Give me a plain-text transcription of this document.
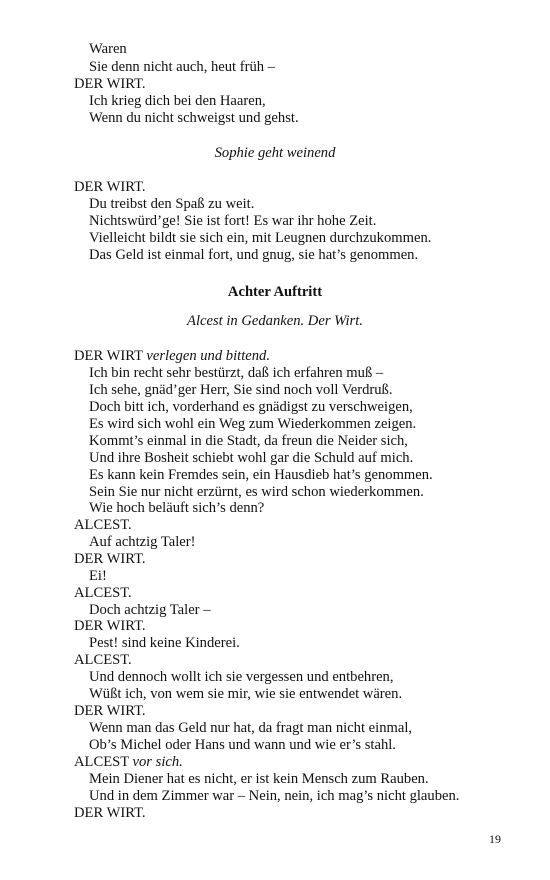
Waren
Sie denn nicht auch, heut früh –
DER WIRT.
Ich krieg dich bei den Haaren,
Wenn du nicht schweigst und gehst.
Sophie geht weinend
DER WIRT.
Du treibst den Spaß zu weit.
Nichtswürd’ge! Sie ist fort! Es war ihr hohe Zeit.
Vielleicht bildt sie sich ein, mit Leugnen durchzukommen.
Das Geld ist einmal fort, und gnug, sie hat’s genommen.
Achter Auftritt
Alcest in Gedanken. Der Wirt.
DER WIRT verlegen und bittend.
Ich bin recht sehr bestürzt, daß ich erfahren muß –
Ich sehe, gnäd’ger Herr, Sie sind noch voll Verdruß.
Doch bitt ich, vorderhand es gnädigst zu verschweigen,
Es wird sich wohl ein Weg zum Wiederkommen zeigen.
Kommt’s einmal in die Stadt, da freun die Neider sich,
Und ihre Bosheit schiebt wohl gar die Schuld auf mich.
Es kann kein Fremdes sein, ein Hausdieb hat’s genommen.
Sein Sie nur nicht erzürnt, es wird schon wiederkommen.
Wie hoch beläuft sich’s denn?
ALCEST.
Auf achtzig Taler!
DER WIRT.
Ei!
ALCEST.
Doch achtzig Taler –
DER WIRT.
Pest! sind keine Kinderei.
ALCEST.
Und dennoch wollt ich sie vergessen und entbehren,
Wüßt ich, von wem sie mir, wie sie entwendet wären.
DER WIRT.
Wenn man das Geld nur hat, da fragt man nicht einmal,
Ob’s Michel oder Hans und wann und wie er’s stahl.
ALCEST vor sich.
Mein Diener hat es nicht, er ist kein Mensch zum Rauben.
Und in dem Zimmer war – Nein, nein, ich mag’s nicht glauben.
DER WIRT.
19
